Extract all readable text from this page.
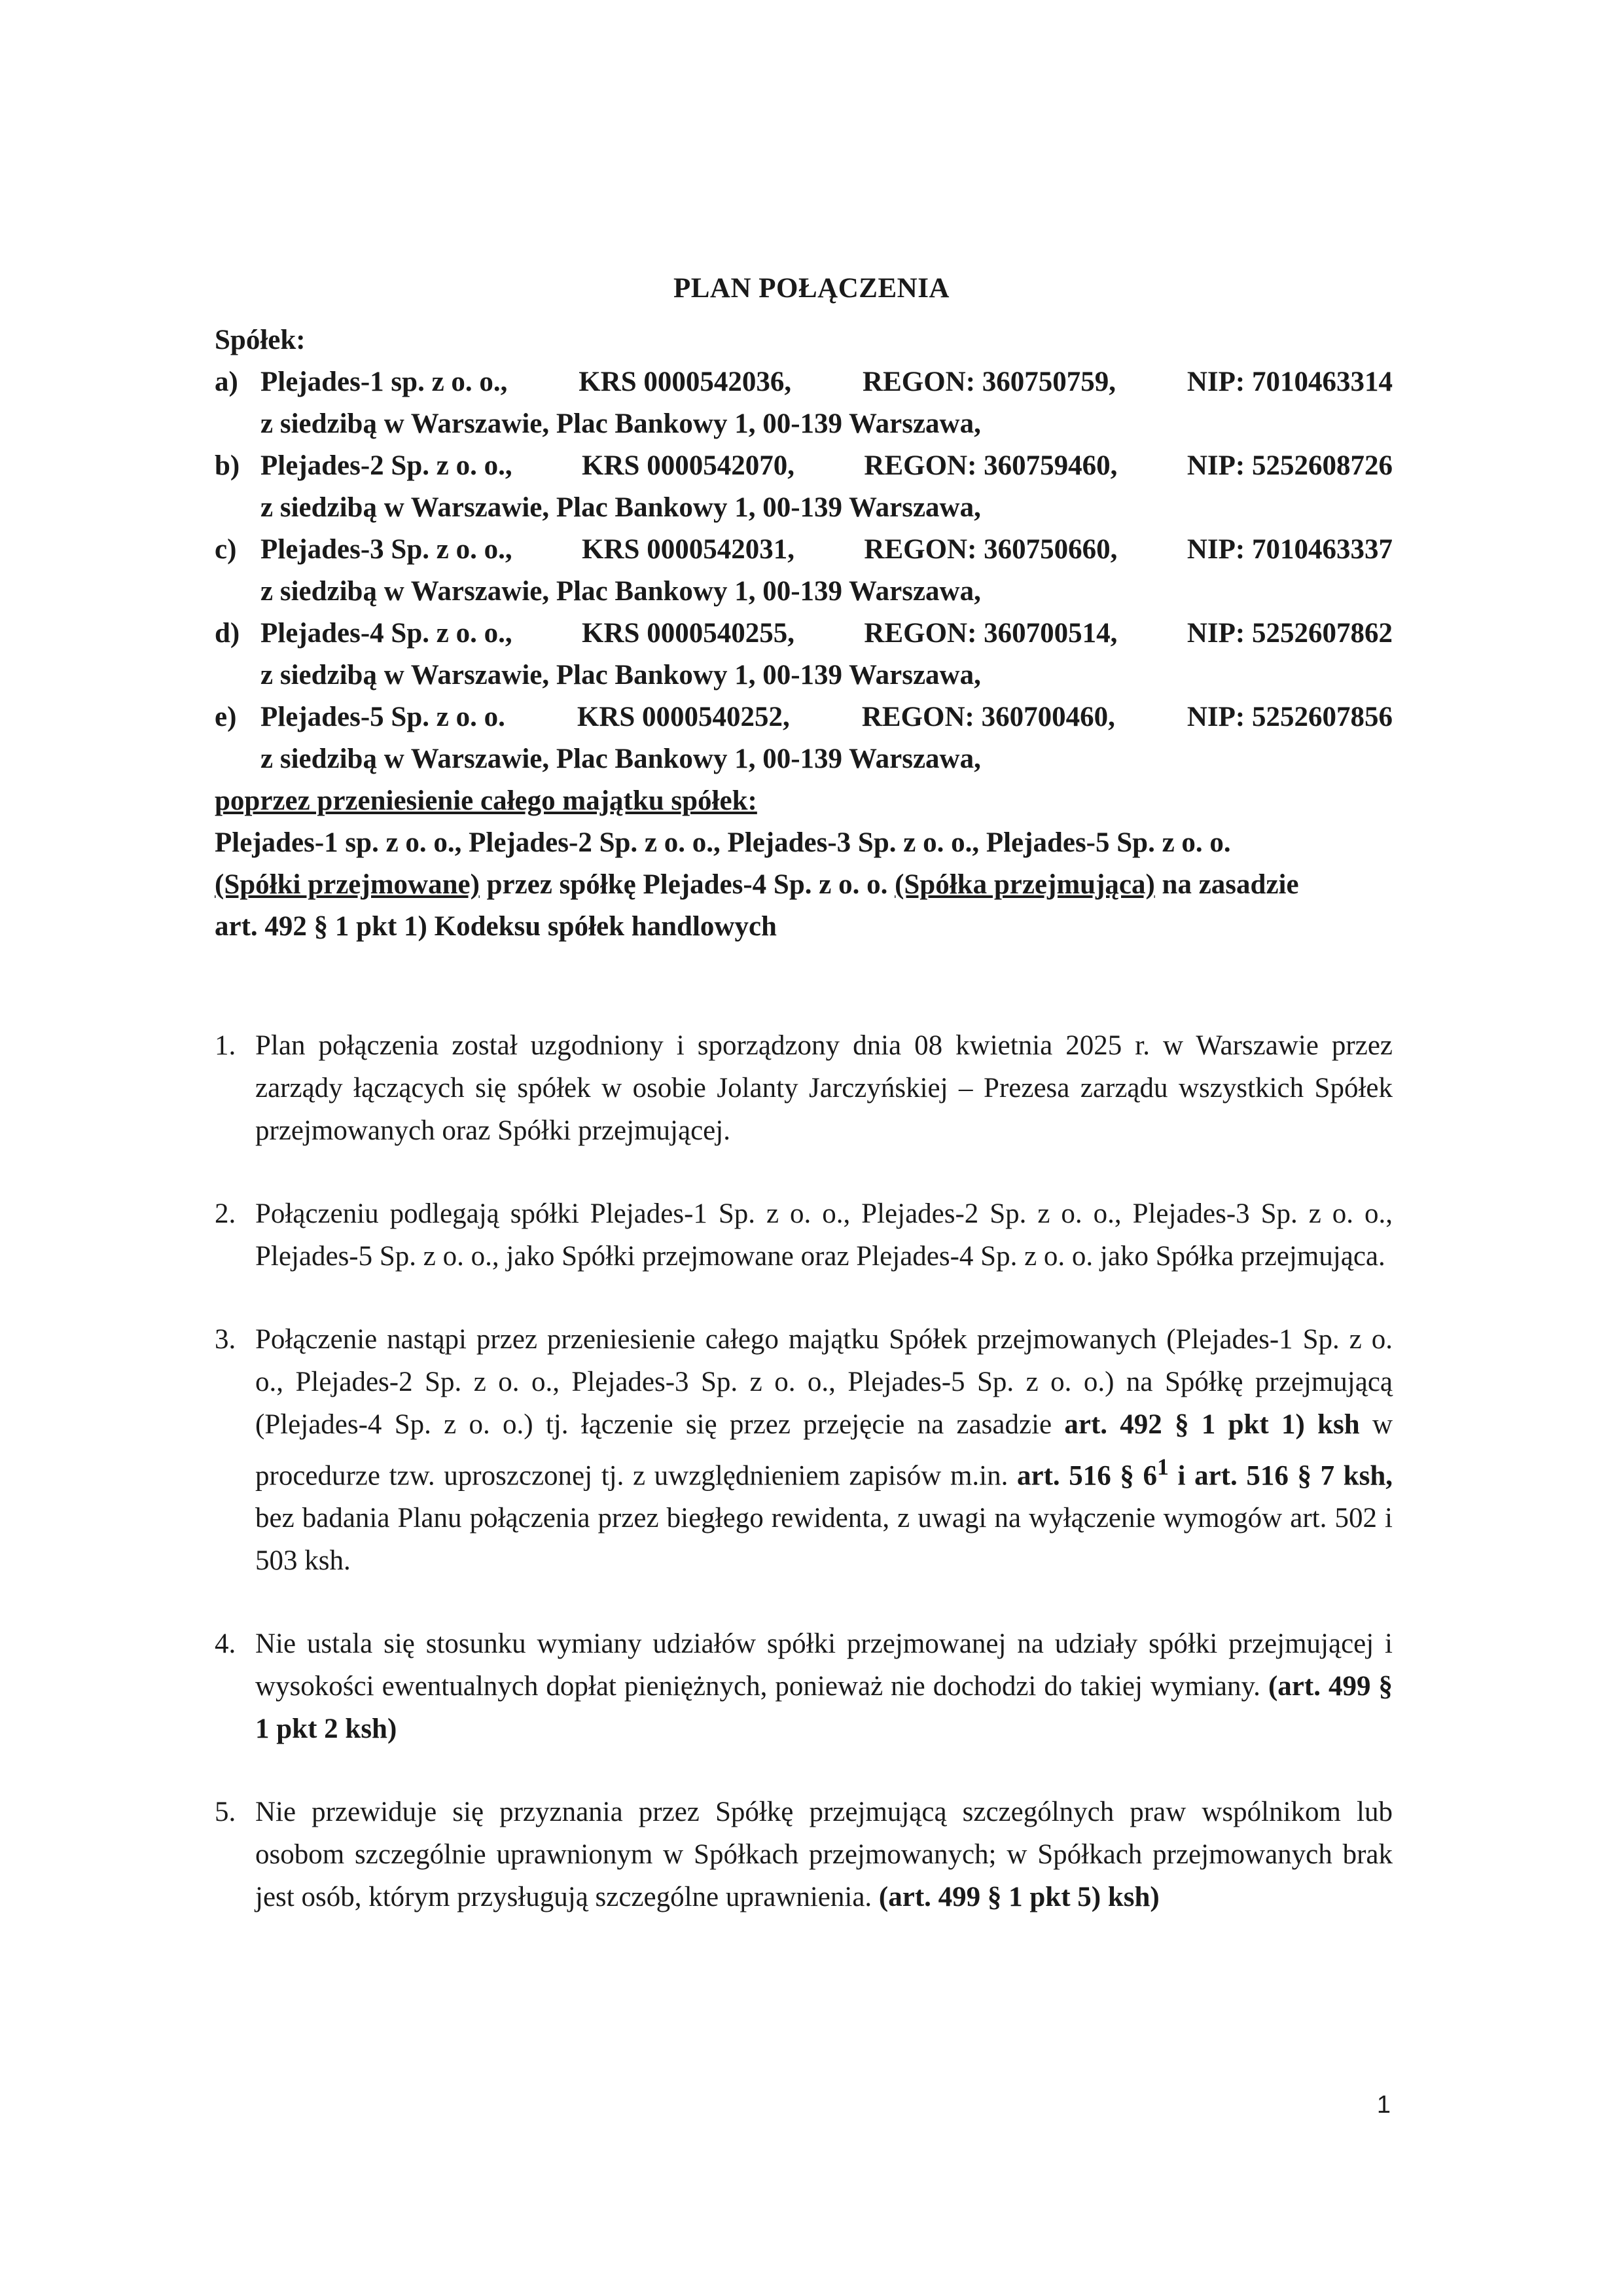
PLAN POŁĄCZENIA
Spółek:
a) Plejades-1 sp. z o. o.,	KRS 0000542036,	REGON: 360750759,	NIP: 7010463314
z siedzibą w Warszawie, Plac Bankowy 1, 00-139 Warszawa,
b) Plejades-2 Sp. z o. o., KRS 0000542070, REGON: 360759460, NIP: 5252608726
z siedzibą w Warszawie, Plac Bankowy 1, 00-139 Warszawa,
c) Plejades-3 Sp. z o. o., KRS 0000542031, REGON: 360750660, NIP: 7010463337
z siedzibą w Warszawie, Plac Bankowy 1, 00-139 Warszawa,
d) Plejades-4 Sp. z o. o., KRS 0000540255, REGON: 360700514, NIP: 5252607862
z siedzibą w Warszawie, Plac Bankowy 1, 00-139 Warszawa,
e) Plejades-5 Sp. z o. o.	KRS 0000540252,	REGON: 360700460,	NIP: 5252607856
z siedzibą w Warszawie, Plac Bankowy 1, 00-139 Warszawa,
poprzez przeniesienie całego majątku spółek:
Plejades-1 sp. z o. o., Plejades-2 Sp. z o. o., Plejades-3 Sp. z o. o., Plejades-5 Sp. z o. o.
(Spółki przejmowane) przez spółkę Plejades-4 Sp. z o. o. (Spółka przejmująca) na zasadzie
art. 492 § 1 pkt 1) Kodeksu spółek handlowych
1. Plan połączenia został uzgodniony i sporządzony dnia 08 kwietnia 2025 r. w Warszawie przez zarządy łączących się spółek w osobie Jolanty Jarczyńskiej – Prezesa zarządu wszystkich Spółek przejmowanych oraz Spółki przejmującej.
2. Połączeniu podlegają spółki Plejades-1 Sp. z o. o., Plejades-2 Sp. z o. o., Plejades-3 Sp. z o. o., Plejades-5 Sp. z o. o., jako Spółki przejmowane oraz Plejades-4 Sp. z o. o. jako Spółka przejmująca.
3. Połączenie nastąpi przez przeniesienie całego majątku Spółek przejmowanych (Plejades-1 Sp. z o. o., Plejades-2 Sp. z o. o., Plejades-3 Sp. z o. o., Plejades-5 Sp. z o. o.) na Spółkę przejmującą (Plejades-4 Sp. z o. o.) tj. łączenie się przez przejęcie na zasadzie art. 492 § 1 pkt 1) ksh w procedurze tzw. uproszczonej tj. z uwzględnieniem zapisów m.in. art. 516 § $6^1$ i art. 516 § 7 ksh, bez badania Planu połączenia przez biegłego rewidenta, z uwagi na wyłączenie wymogów art. 502 i 503 ksh.
4. Nie ustala się stosunku wymiany udziałów spółki przejmowanej na udziały spółki przejmującej i wysokości ewentualnych dopłat pieniężnych, ponieważ nie dochodzi do takiej wymiany. (art. 499 § 1 pkt 2 ksh)
5. Nie przewiduje się przyznania przez Spółkę przejmującą szczególnych praw wspólnikom lub osobom szczególnie uprawnionym w Spółkach przejmowanych; w Spółkach przejmowanych brak jest osób, którym przysługują szczególne uprawnienia. (art. 499 § 1 pkt 5) ksh)
1
